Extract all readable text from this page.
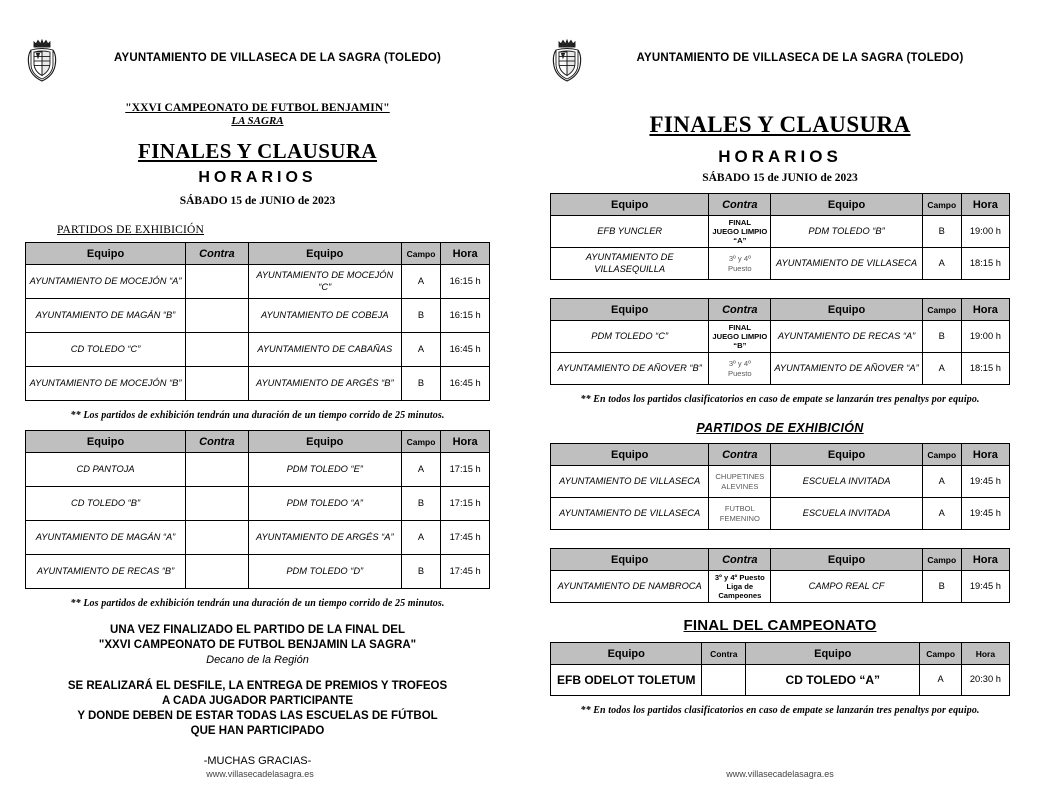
AYUNTAMIENTO DE VILLASECA DE LA SAGRA (TOLEDO)
"XXVI CAMPEONATO DE FUTBOL BENJAMIN"
LA SAGRA
FINALES Y CLAUSURA
HORARIOS
SÁBADO 15 de JUNIO de 2023
PARTIDOS DE EXHIBICIÓN
Equipo	Contra	Equipo	Campo	Hora
AYUNTAMIENTO DE MOCEJÓN “A”		AYUNTAMIENTO DE MOCEJÓN “C”	A	16:15 h
AYUNTAMIENTO DE MAGÁN “B”		AYUNTAMIENTO DE COBEJA	B	16:15 h
CD TOLEDO “C”		AYUNTAMIENTO DE CABAÑAS	A	16:45 h
AYUNTAMIENTO DE MOCEJÓN “B”		AYUNTAMIENTO DE ARGÉS “B”	B	16:45 h
** Los partidos de exhibición tendrán una duración de un tiempo corrido de 25 minutos.
Equipo	Contra	Equipo	Campo	Hora
CD PANTOJA		PDM TOLEDO “E”	A	17:15 h
CD TOLEDO “B”		PDM TOLEDO “A”	B	17:15 h
AYUNTAMIENTO DE MAGÁN “A”		AYUNTAMIENTO DE ARGÉS “A”	A	17:45 h
AYUNTAMIENTO DE RECAS “B”		PDM TOLEDO “D”	B	17:45 h
** Los partidos de exhibición tendrán una duración de un tiempo corrido de 25 minutos.
UNA VEZ FINALIZADO EL PARTIDO DE LA FINAL DEL
"XXVI CAMPEONATO DE FUTBOL BENJAMIN LA SAGRA"
Decano de la Región
SE REALIZARÁ EL DESFILE, LA ENTREGA DE PREMIOS Y TROFEOS
A CADA JUGADOR PARTICIPANTE
Y DONDE DEBEN DE ESTAR TODAS LAS ESCUELAS DE FÚTBOL
QUE HAN PARTICIPADO
-MUCHAS GRACIAS-
www.villasecadelasagra.es
AYUNTAMIENTO DE VILLASECA DE LA SAGRA (TOLEDO)
FINALES Y CLAUSURA
HORARIOS
SÁBADO 15 de JUNIO de 2023
Equipo	Contra	Equipo	Campo	Hora
EFB YUNCLER	FINAL
JUEGO LIMPIO
“A”	PDM TOLEDO “B”	B	19:00 h
AYUNTAMIENTO DE VILLASEQUILLA	3º y 4º
Puesto	AYUNTAMIENTO DE VILLASECA	A	18:15 h
Equipo	Contra	Equipo	Campo	Hora
PDM TOLEDO “C”	FINAL
JUEGO LIMPIO
“B”	AYUNTAMIENTO DE RECAS “A”	B	19:00 h
AYUNTAMIENTO DE AÑOVER “B”	3º y 4º
Puesto	AYUNTAMIENTO DE AÑOVER “A”	A	18:15 h
** En todos los partidos clasificatorios en caso de empate se lanzarán tres penaltys por equipo.
PARTIDOS DE EXHIBICIÓN
Equipo	Contra	Equipo	Campo	Hora
AYUNTAMIENTO DE VILLASECA	CHUPETINES
ALEVINES	ESCUELA INVITADA	A	19:45 h
AYUNTAMIENTO DE VILLASECA	FUTBOL
FEMENINO	ESCUELA INVITADA	A	19:45 h
Equipo	Contra	Equipo	Campo	Hora
AYUNTAMIENTO DE NAMBROCA	3º y 4º Puesto
Liga de
Campeones	CAMPO REAL CF	B	19:45 h
FINAL DEL CAMPEONATO
Equipo	Contra	Equipo	Campo	Hora
EFB ODELOT TOLETUM		CD TOLEDO “A”	A	20:30 h
** En todos los partidos clasificatorios en caso de empate se lanzarán tres penaltys por equipo.
www.villasecadelasagra.es
